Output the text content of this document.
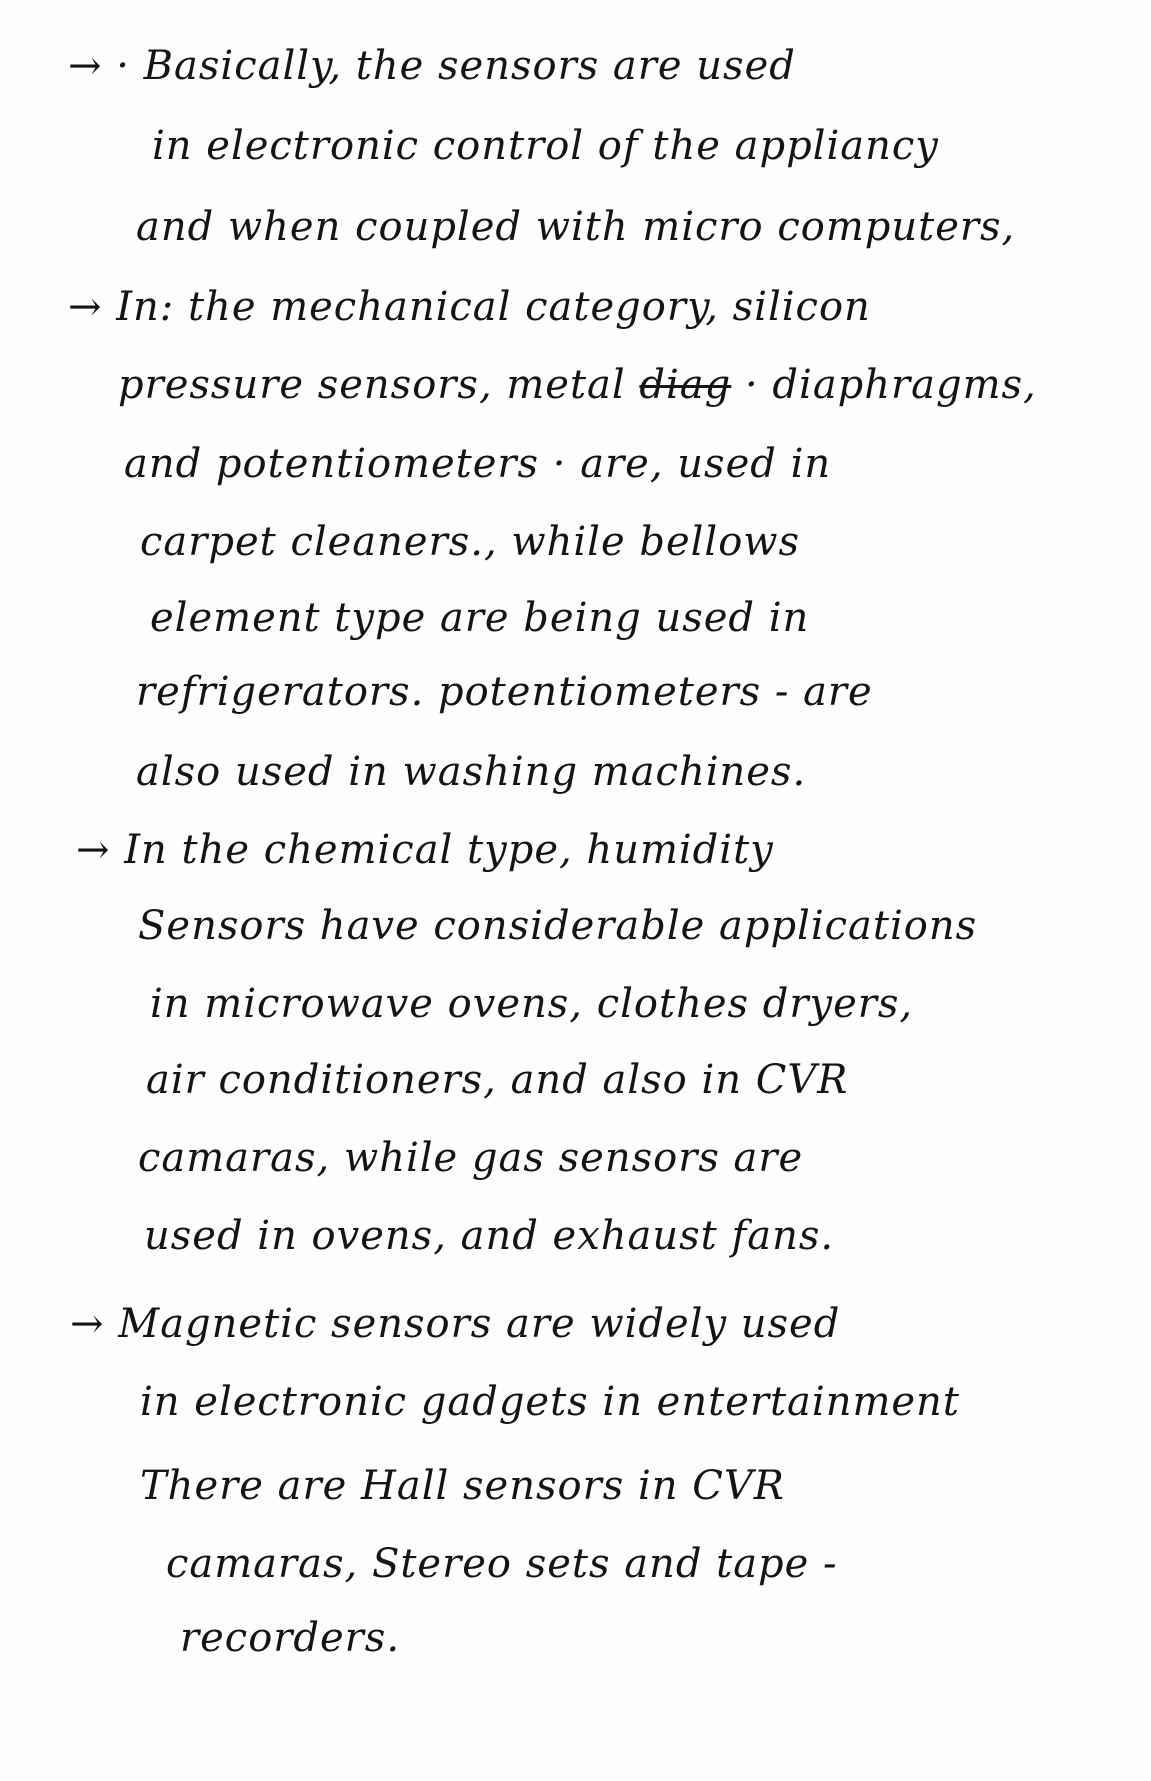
→ · Basically, the sensors are used
in electronic control of the appliancy
and when coupled with micro computers,
→ In: the mechanical category, silicon
pressure sensors, metal diag · diaphragms,
and potentiometers · are, used in
carpet cleaners., while bellows
element type are being used in
refrigerators. potentiometers - are
also used in washing machines.
→ In the chemical type, humidity
Sensors have considerable applications
in microwave ovens, clothes dryers,
air conditioners, and also in CVR
camaras, while gas sensors are
used in ovens, and exhaust fans.
→ Magnetic sensors are widely used
in electronic gadgets in entertainment
There are Hall sensors in CVR
camaras, Stereo sets and tape -
recorders.
